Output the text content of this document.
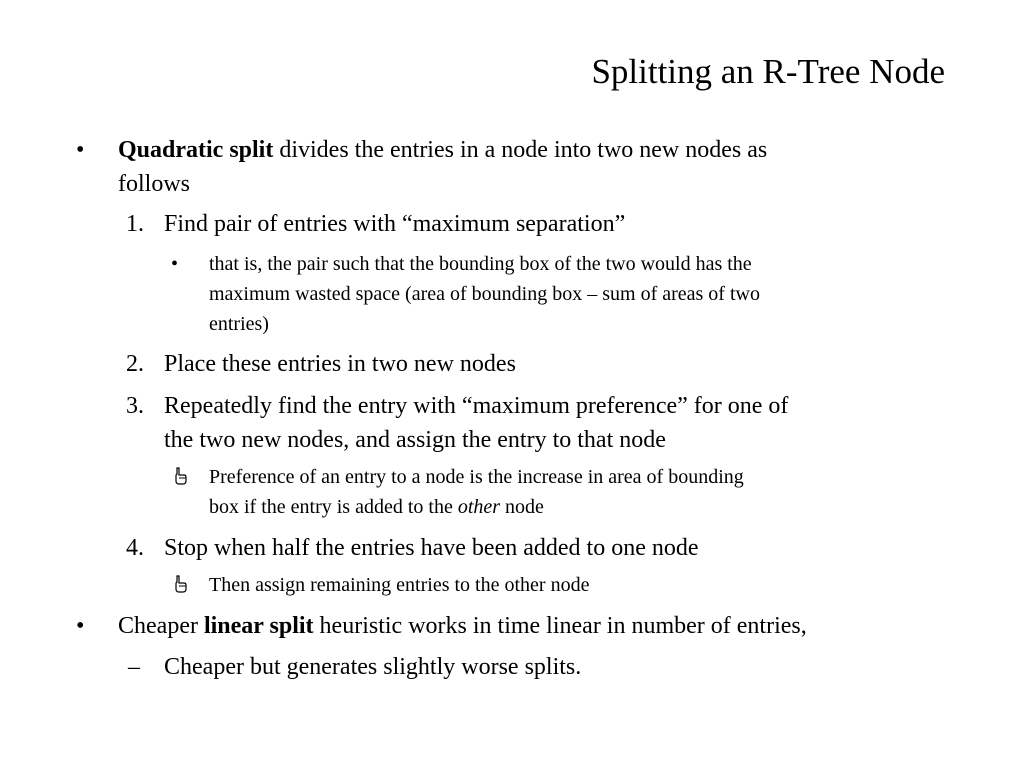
Splitting an R-Tree Node
• Quadratic split divides the entries in a node into two new nodes as
follows
1. Find pair of entries with “maximum separation”
• that is, the pair such that the bounding box of the two would has the
maximum wasted space (area of bounding box – sum of areas of two
entries)
2. Place these entries in two new nodes
3. Repeatedly find the entry with “maximum preference” for one of
the two new nodes, and assign the entry to that node
Preference of an entry to a node is the increase in area of bounding
box if the entry is added to the other node
4. Stop when half the entries have been added to one node
Then assign remaining entries to the other node
• Cheaper linear split heuristic works in time linear in number of entries,
– Cheaper but generates slightly worse splits.
